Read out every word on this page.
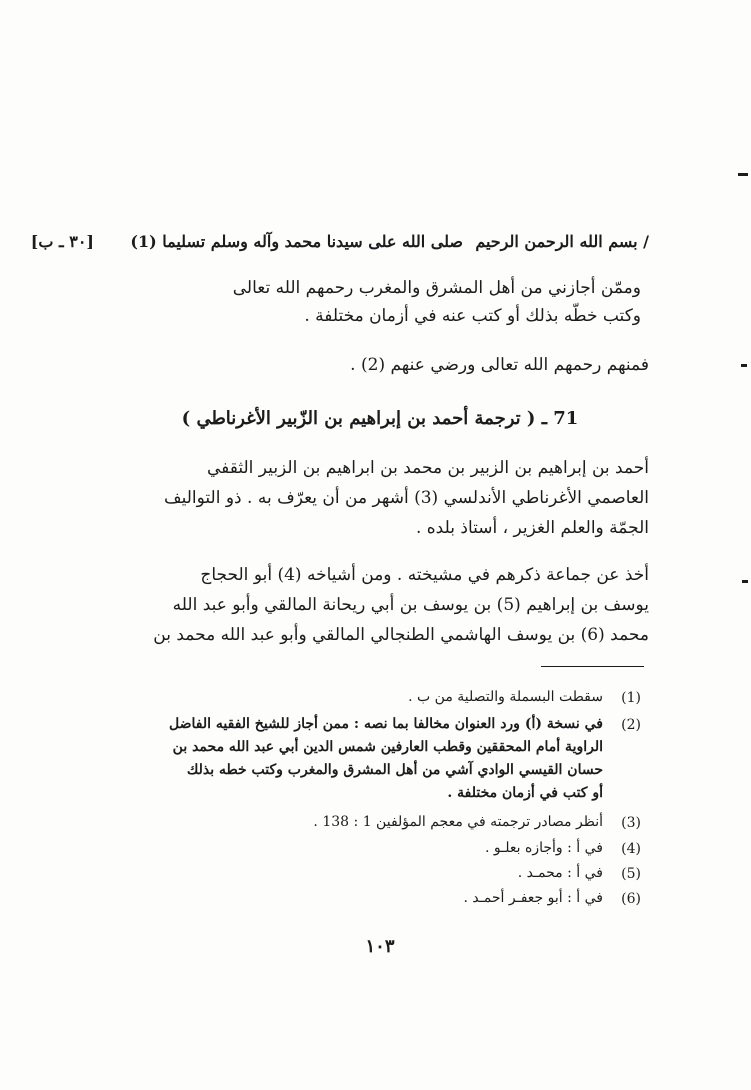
/ بسم الله الرحمن الرحيم
صلى الله على سيدنا محمد وآله وسلم تسليما (1)
[٣٠ ـ ب]
وممّن أجازني من أهل المشرق والمغرب رحمهم الله تعالى
وكتب خطّه بذلك أو كتب عنه في أزمان مختلفة .
فمنهم رحمهم الله تعالى ورضي عنهم (2) .
71 ـ ( ترجمة أحمد بن إبراهيم بن الزّبير الأغرناطي )
أحمد بن إبراهيم بن الزبير بن محمد بن ابراهيم بن الزبير الثقفي
العاصمي الأغرناطي الأندلسي (3) أشهر من أن يعرّف به . ذو التواليف
الجمّة والعلم الغزير ، أستاذ بلده .
أخذ عن جماعة ذكرهم في مشيخته . ومن أشياخه (4) أبو الحجاج
يوسف بن إبراهيم (5) بن يوسف بن أبي ريحانة المالقي وأبو عبد الله
محمد (6) بن يوسف الهاشمي الطنجالي المالقي وأبو عبد الله محمد بن
(1)
سقطت البسملة والتصلية من ب .
(2)
في نسخة (أ) ورد العنوان مخالفا بما نصه : ممن أجاز للشيخ الفقيه الفاضل
الراوية أمام المحققين وقطب العارفين شمس الدين أبي عبد الله محمد بن
حسان القيسي الوادي آشي من أهل المشرق والمغرب وكتب خطه بذلك
أو كتب في أزمان مختلفة .
(3)
أنظر مصادر ترجمته في معجم المؤلفين 1 : 138 .
(4)
في أ : وأجازه بعلـو .
(5)
في أ : محمـد .
(6)
في أ : أبو جعفـر أحمـد .
١٠٣
